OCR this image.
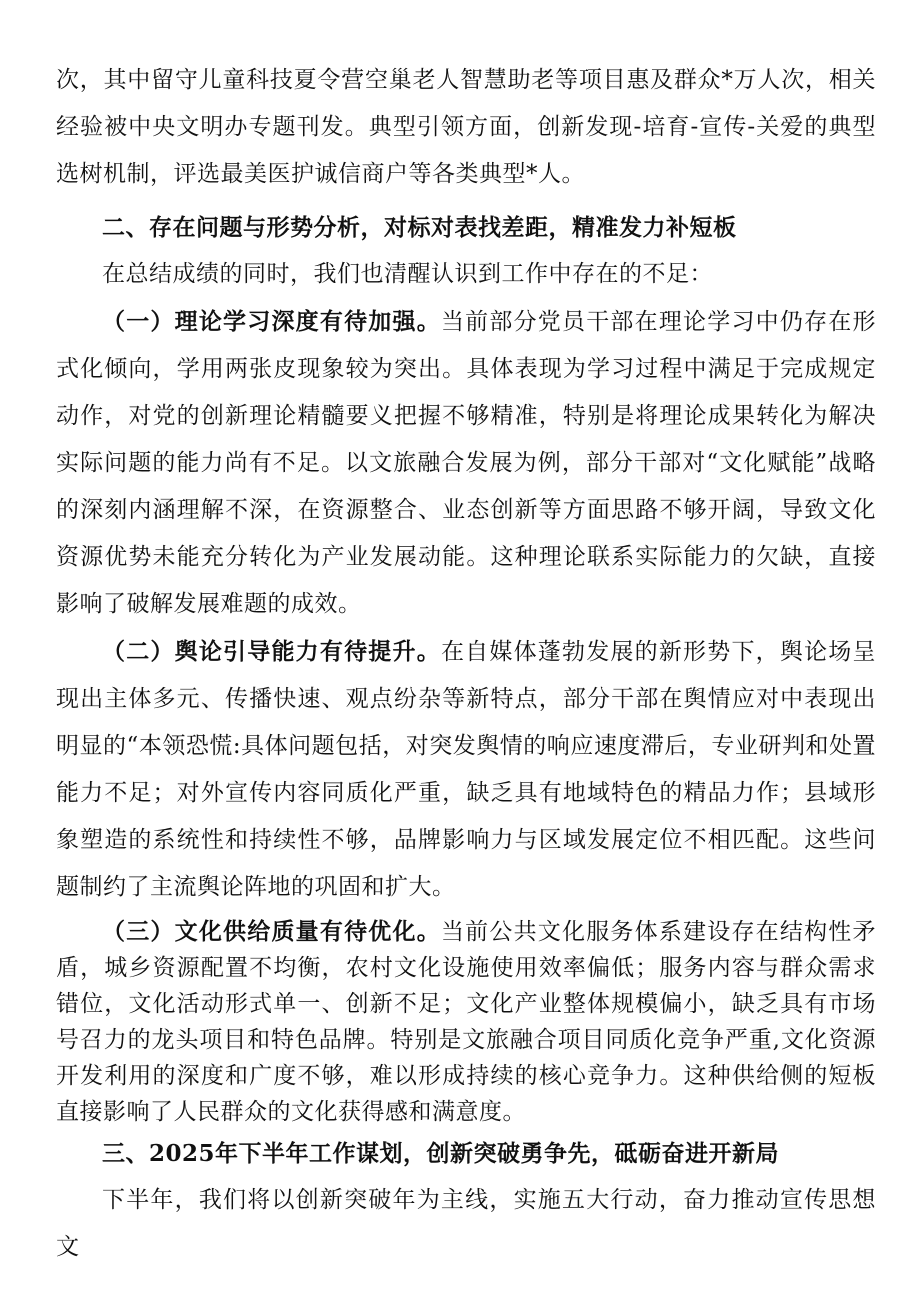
次，其中留守儿童科技夏令营空巢老人智慧助老等项目惠及群众*万人次，相关经验被中央文明办专题刊发。典型引领方面，创新发现-培育-宣传-关爱的典型选树机制，评选最美医护诚信商户等各类典型*人。

二、存在问题与形势分析，对标对表找差距，精准发力补短板

在总结成绩的同时，我们也清醒认识到工作中存在的不足：

（一）理论学习深度有待加强。当前部分党员干部在理论学习中仍存在形式化倾向，学用两张皮现象较为突出。具体表现为学习过程中满足于完成规定动作，对党的创新理论精髓要义把握不够精准，特别是将理论成果转化为解决实际问题的能力尚有不足。以文旅融合发展为例，部分干部对“文化赋能”战略的深刻内涵理解不深，在资源整合、业态创新等方面思路不够开阔，导致文化资源优势未能充分转化为产业发展动能。这种理论联系实际能力的欠缺，直接影响了破解发展难题的成效。

（二）舆论引导能力有待提升。在自媒体蓬勃发展的新形势下，舆论场呈现出主体多元、传播快速、观点纷杂等新特点，部分干部在舆情应对中表现出明显的“本领恐慌:具体问题包括，对突发舆情的响应速度滞后，专业研判和处置能力不足；对外宣传内容同质化严重，缺乏具有地域特色的精品力作；县域形象塑造的系统性和持续性不够，品牌影响力与区域发展定位不相匹配。这些问题制约了主流舆论阵地的巩固和扩大。

（三）文化供给质量有待优化。当前公共文化服务体系建设存在结构性矛盾，城乡资源配置不均衡，农村文化设施使用效率偏低；服务内容与群众需求错位，文化活动形式单一、创新不足；文化产业整体规模偏小，缺乏具有市场号召力的龙头项目和特色品牌。特别是文旅融合项目同质化竞争严重,文化资源开发利用的深度和广度不够，难以形成持续的核心竞争力。这种供给侧的短板直接影响了人民群众的文化获得感和满意度。

三、2025年下半年工作谋划，创新突破勇争先，砥砺奋进开新局

下半年，我们将以创新突破年为主线，实施五大行动，奋力推动宣传思想文
